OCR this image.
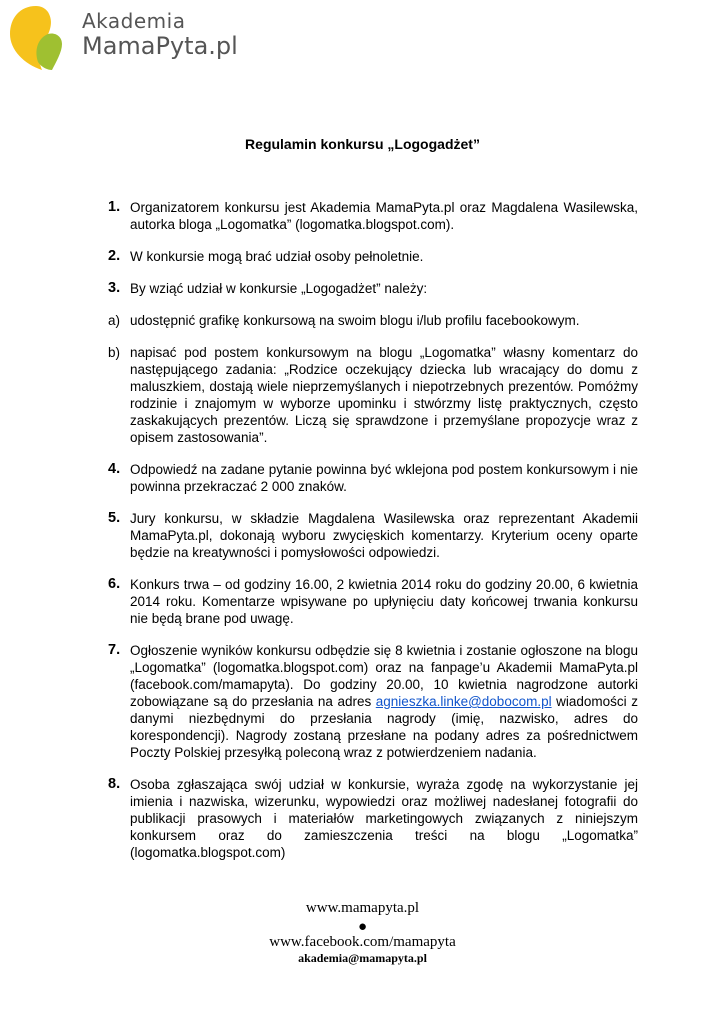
Akademia
MamaPyta.pl
Regulamin konkursu „Logogadżet”
1. Organizatorem konkursu jest Akademia MamaPyta.pl oraz Magdalena Wasilewska, autorka bloga „Logomatka” (logomatka.blogspot.com).
2. W konkursie mogą brać udział osoby pełnoletnie.
3. By wziąć udział w konkursie „Logogadżet” należy:
a) udostępnić grafikę konkursową na swoim blogu i/lub profilu facebookowym.
b) napisać pod postem konkursowym na blogu „Logomatka” własny komentarz do następującego zadania: „Rodzice oczekujący dziecka lub wracający do domu z maluszkiem, dostają wiele nieprzemyślanych i niepotrzebnych prezentów. Pomóżmy rodzinie i znajomym w wyborze upominku i stwórzmy listę praktycznych, często zaskakujących prezentów. Liczą się sprawdzone i przemyślane propozycje wraz z opisem zastosowania”.
4. Odpowiedź na zadane pytanie powinna być wklejona pod postem konkursowym i nie powinna przekraczać 2 000 znaków.
5. Jury konkursu, w składzie Magdalena Wasilewska oraz reprezentant Akademii MamaPyta.pl, dokonają wyboru zwycięskich komentarzy. Kryterium oceny oparte będzie na kreatywności i pomysłowości odpowiedzi.
6. Konkurs trwa – od godziny 16.00, 2 kwietnia 2014 roku do godziny 20.00, 6 kwietnia 2014 roku. Komentarze wpisywane po upłynięciu daty końcowej trwania konkursu nie będą brane pod uwagę.
7. Ogłoszenie wyników konkursu odbędzie się 8 kwietnia i zostanie ogłoszone na blogu „Logomatka” (logomatka.blogspot.com) oraz na fanpage’u Akademii MamaPyta.pl (facebook.com/mamapyta). Do godziny 20.00, 10 kwietnia nagrodzone autorki zobowiązane są do przesłania na adres agnieszka.linke@dobocom.pl wiadomości z danymi niezbędnymi do przesłania nagrody (imię, nazwisko, adres do korespondencji). Nagrody zostaną przesłane na podany adres za pośrednictwem Poczty Polskiej przesyłką poleconą wraz z potwierdzeniem nadania.
8. Osoba zgłaszająca swój udział w konkursie, wyraża zgodę na wykorzystanie jej imienia i nazwiska, wizerunku, wypowiedzi oraz możliwej nadesłanej fotografii do publikacji prasowych i materiałów marketingowych związanych z niniejszym konkursem oraz do zamieszczenia treści na blogu „Logomatka” (logomatka.blogspot.com)
www.mamapyta.pl
●
www.facebook.com/mamapyta
akademia@mamapyta.pl
